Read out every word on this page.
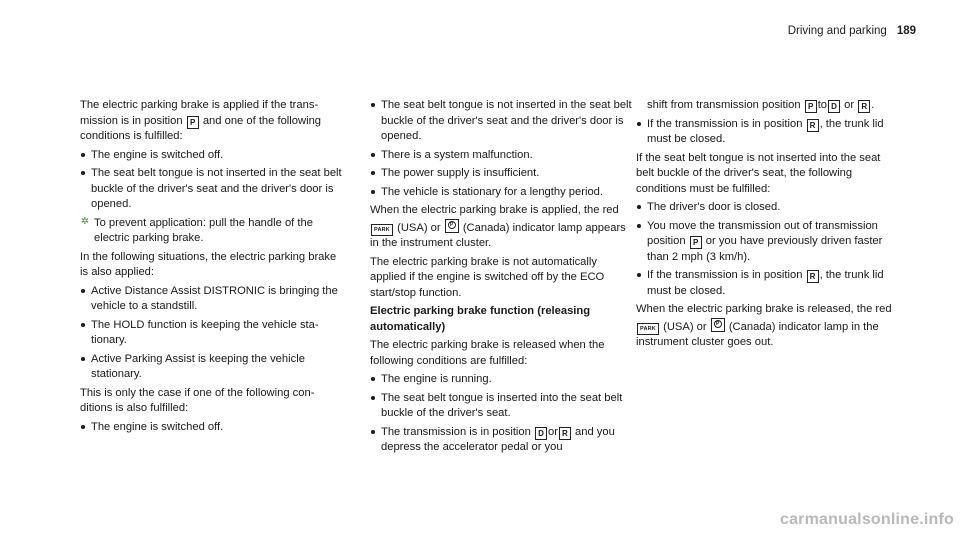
Driving and parking 189

The electric parking brake is applied if the transmission is in position P and one of the following conditions is fulfilled:

The engine is switched off.
The seat belt tongue is not inserted in the seat belt buckle of the driver's seat and the driver's door is opened.

✲ To prevent application: pull the handle of the electric parking brake.

In the following situations, the electric parking brake is also applied:

Active Distance Assist DISTRONIC is bringing the vehicle to a standstill.
The HOLD function is keeping the vehicle stationary.
Active Parking Assist is keeping the vehicle stationary.

This is only the case if one of the following conditions is also fulfilled:

The engine is switched off.
The seat belt tongue is not inserted in the seat belt buckle of the driver's seat and the driver's door is opened.
There is a system malfunction.
The power supply is insufficient.
The vehicle is stationary for a lengthy period.

When the electric parking brake is applied, the red PARK (USA) or P (Canada) indicator lamp appears in the instrument cluster.

The electric parking brake is not automatically applied if the engine is switched off by the ECO start/stop function.

Electric parking brake function (releasing automatically)

The electric parking brake is released when the following conditions are fulfilled:

The engine is running.
The seat belt tongue is inserted into the seat belt buckle of the driver's seat.
The transmission is in position D or R and you depress the accelerator pedal or you

shift from transmission position P to D or R .

If the transmission is in position R , the trunk lid must be closed.

If the seat belt tongue is not inserted into the seat belt buckle of the driver's seat, the following conditions must be fulfilled:

The driver's door is closed.
You move the transmission out of transmission position P or you have previously driven faster than 2 mph (3 km/h).
If the transmission is in position R , the trunk lid must be closed.

When the electric parking brake is released, the red PARK (USA) or P (Canada) indicator lamp in the instrument cluster goes out.

carmanualsonline.info
